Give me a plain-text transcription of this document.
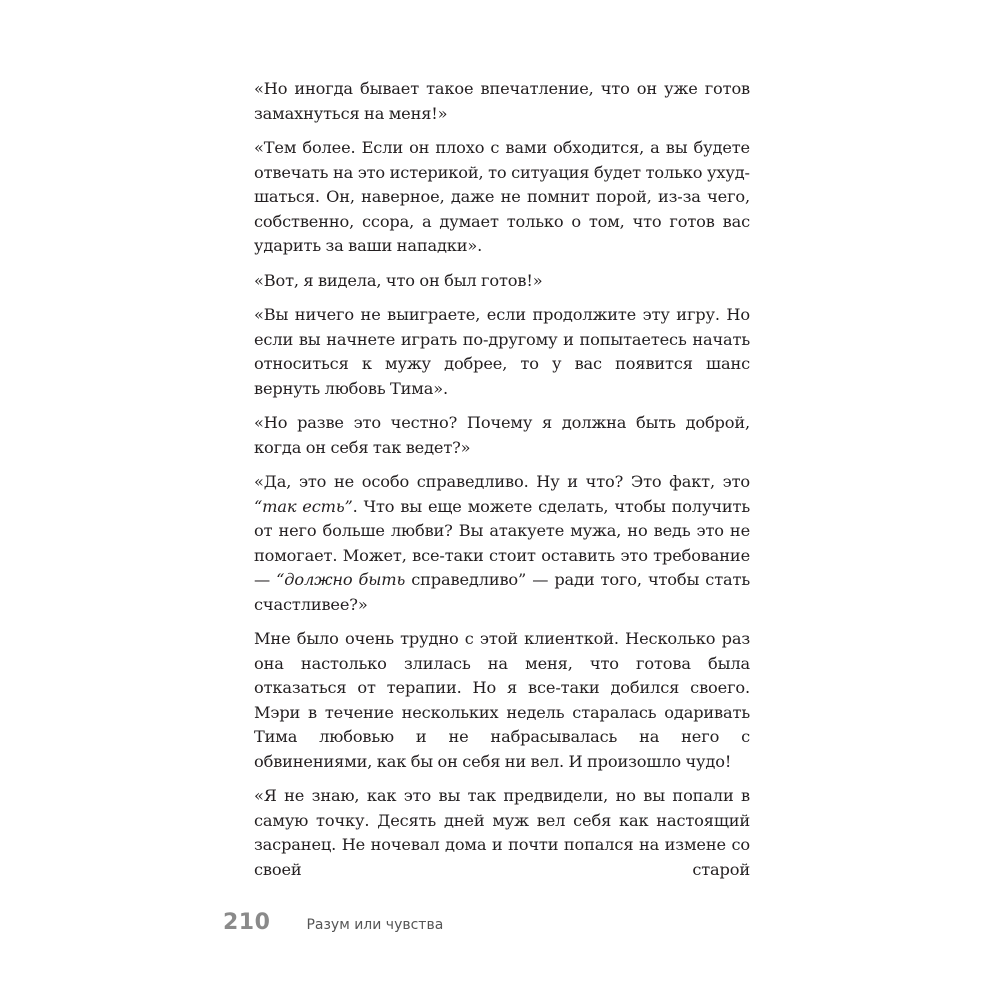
«Но иногда бывает такое впечатление, что он уже готов замахнуться на меня!»

«Тем более. Если он плохо с вами обходится, а вы будете отвечать на это истерикой, то ситуация будет только ухудшаться. Он, наверное, даже не помнит порой, из-за чего, собственно, ссора, а думает только о том, что готов вас ударить за ваши нападки».

«Вот, я видела, что он был готов!»

«Вы ничего не выиграете, если продолжите эту игру. Но если вы начнете играть по-другому и попытаетесь начать относиться к мужу добрее, то у вас появится шанс вернуть любовь Тима».

«Но разве это честно? Почему я должна быть доброй, когда он себя так ведет?»

«Да, это не особо справедливо. Ну и что? Это факт, это “так есть”. Что вы еще можете сделать, чтобы получить от него больше любви? Вы атакуете мужа, но ведь это не помогает. Может, все-таки стоит оставить это требование — “должно быть справедливо” — ради того, чтобы стать счастливее?»

Мне было очень трудно с этой клиенткой. Несколько раз она настолько злилась на меня, что готова была отказаться от терапии. Но я все-таки добился своего. Мэри в течение нескольких недель старалась одаривать Тима любовью и не набрасывалась на него с обвинениями, как бы он себя ни вел. И произошло чудо!

«Я не знаю, как это вы так предвидели, но вы попали в самую точку. Десять дней муж вел себя как настоящий засранец. Не ночевал дома и почти попался на измене со своей старой

210	Разум или чувства
